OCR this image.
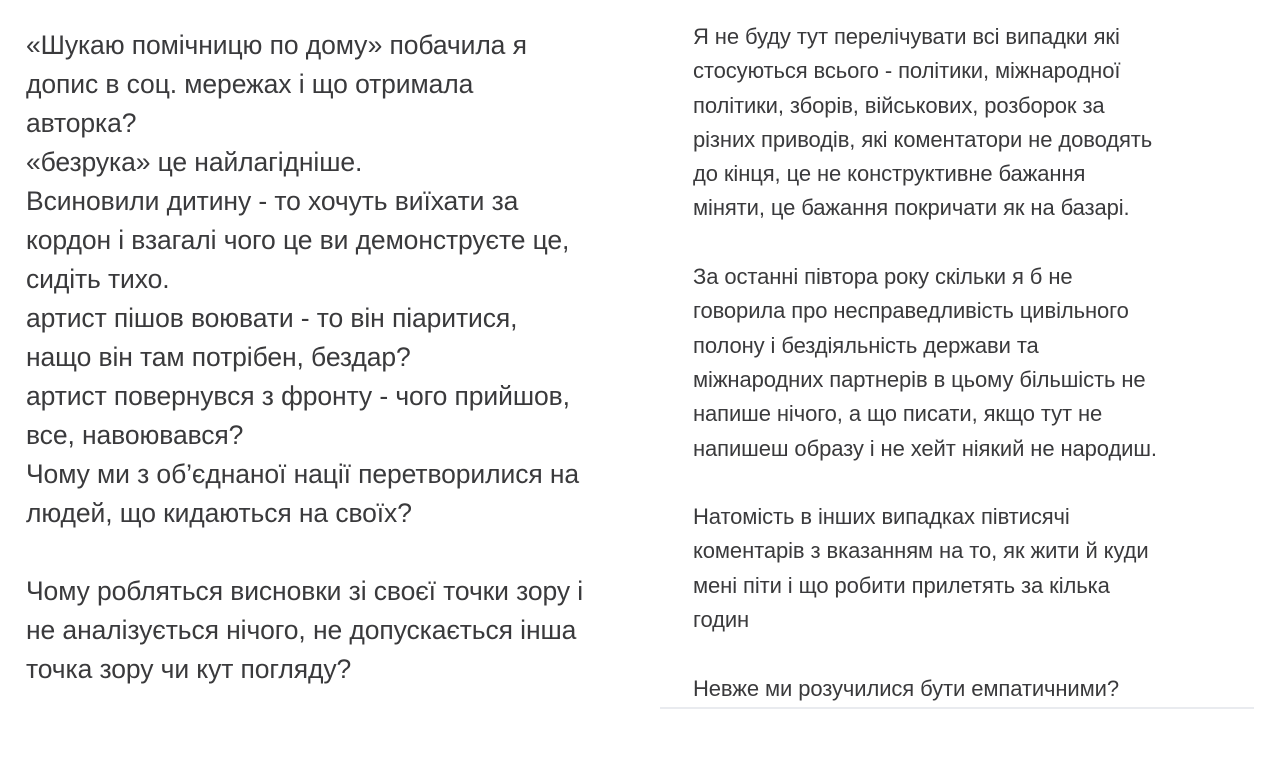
«Шукаю помічницю по дому» побачила я
допис в соц. мережах і що отримала
авторка?
«безрука» це найлагідніше.
Всиновили дитину - то хочуть виїхати за
кордон і взагалі чого це ви демонструєте це,
сидіть тихо.
артист пішов воювати - то він піаритися,
нащо він там потрібен, бездар?
артист повернувся з фронту - чого прийшов,
все, навоювався?
Чому ми з об’єднаної нації перетворилися на
людей, що кидаються на своїх?
Чому робляться висновки зі своєї точки зору і
не аналізується нічого, не допускається інша
точка зору чи кут погляду?
Я не буду тут перелічувати всі випадки які
стосуються всього - політики, міжнародної
політики, зборів, військових, розборок за
різних приводів, які коментатори не доводять
до кінця, це не конструктивне бажання
міняти, це бажання покричати як на базарі.
За останні півтора року скільки я б не
говорила про несправедливість цивільного
полону і бездіяльність держави та
міжнародних партнерів в цьому більшість не
напише нічого, а що писати, якщо тут не
напишеш образу і не хейт ніякий не народиш.
Натомість в інших випадках півтисячі
коментарів з вказанням на то, як жити й куди
мені піти і що робити прилетять за кілька
годин
Невже ми розучилися бути емпатичними?
